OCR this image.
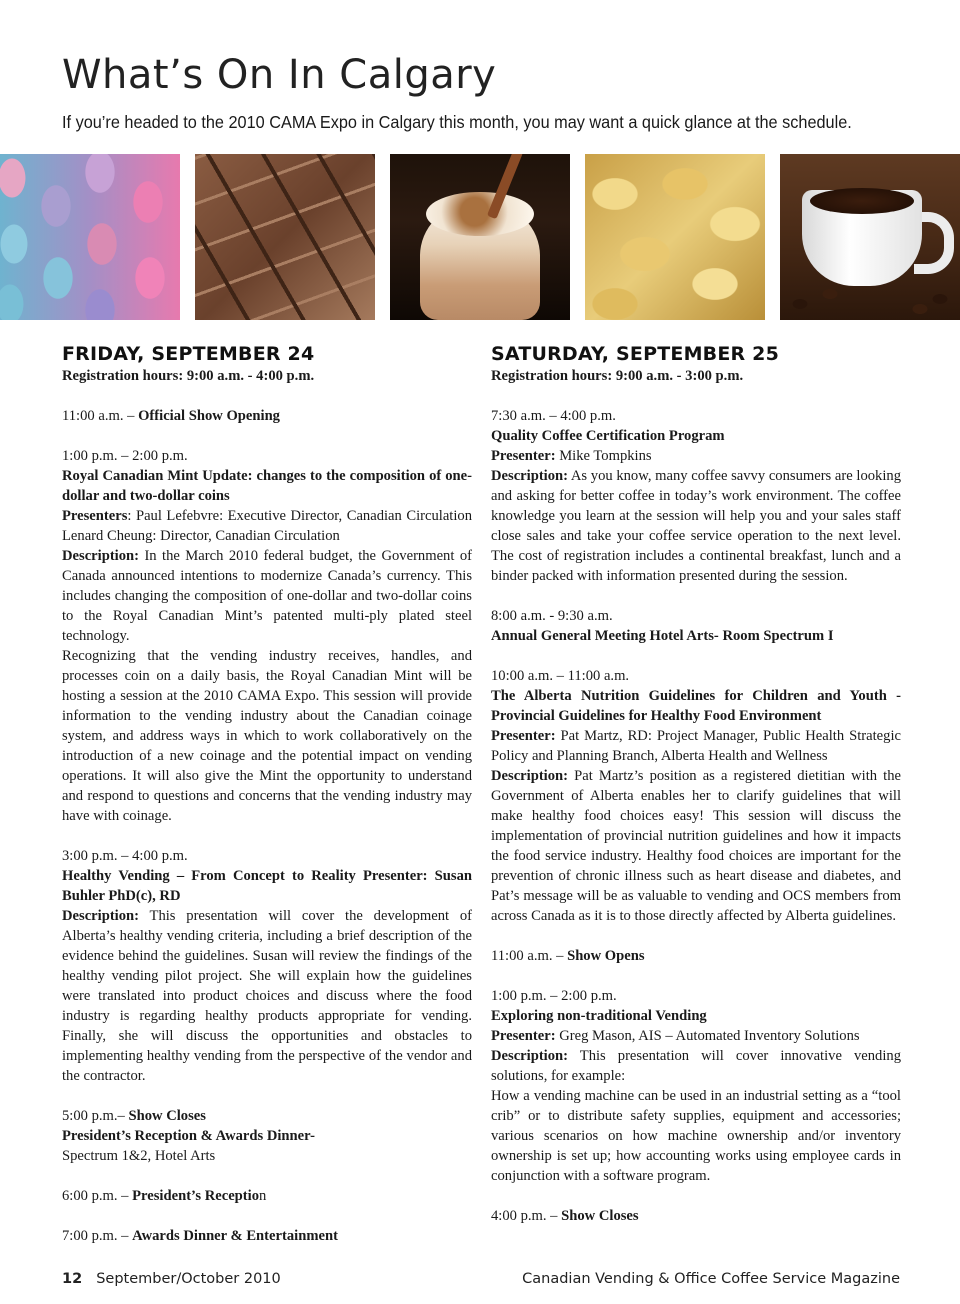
What’s On In Calgary

If you’re headed to the 2010 CAMA Expo in Calgary this month, you may want a quick glance at the schedule.

FRIDAY, SEPTEMBER 24

Registration hours: 9:00 a.m. - 4:00 p.m.

11:00 a.m. – Official Show Opening

1:00 p.m. – 2:00 p.m.

Royal Canadian Mint Update: changes to the composition of one-dollar and two-dollar coins

Presenters: Paul Lefebvre: Executive Director, Canadian Circulation Lenard Cheung: Director, Canadian Circulation

Description: In the March 2010 federal budget, the Government of Canada announced intentions to modernize Canada’s currency. This includes changing the composition of one-dollar and two-dollar coins to the Royal Canadian Mint’s patented multi-ply plated steel technology.

Recognizing that the vending industry receives, handles, and processes coin on a daily basis, the Royal Canadian Mint will be hosting a session at the 2010 CAMA Expo. This session will provide information to the vending industry about the Canadian coinage system, and address ways in which to work collaboratively on the introduction of a new coinage and the potential impact on vending operations. It will also give the Mint the opportunity to understand and respond to questions and concerns that the vending industry may have with coinage.

3:00 p.m. – 4:00 p.m.

Healthy Vending – From Concept to Reality Presenter: Susan Buhler PhD(c), RD

Description: This presentation will cover the development of Alberta’s healthy vending criteria, including a brief description of the evidence behind the guidelines. Susan will review the findings of the healthy vending pilot project. She will explain how the guidelines were translated into product choices and discuss where the food industry is regarding healthy products appropriate for vending. Finally, she will discuss the opportunities and obstacles to implementing healthy vending from the perspective of the vendor and the contractor.

5:00 p.m.– Show Closes

President’s Reception & Awards Dinner-

Spectrum 1&2, Hotel Arts

6:00 p.m. – President’s Reception

7:00 p.m. – Awards Dinner & Entertainment

SATURDAY, SEPTEMBER 25

Registration hours: 9:00 a.m. - 3:00 p.m.

7:30 a.m. – 4:00 p.m.

Quality Coffee Certification Program

Presenter: Mike Tompkins

Description: As you know, many coffee savvy consumers are looking and asking for better coffee in today’s work environment. The coffee knowledge you learn at the session will help you and your sales staff close sales and take your coffee service operation to the next level. The cost of registration includes a continental breakfast, lunch and a binder packed with information presented during the session.

8:00 a.m. - 9:30 a.m.

Annual General Meeting Hotel Arts- Room Spectrum I

10:00 a.m. – 11:00 a.m.

The Alberta Nutrition Guidelines for Children and Youth - Provincial Guidelines for Healthy Food Environment

Presenter: Pat Martz, RD: Project Manager, Public Health Strategic Policy and Planning Branch, Alberta Health and Wellness

Description: Pat Martz’s position as a registered dietitian with the Government of Alberta enables her to clarify guidelines that will make healthy food choices easy! This session will discuss the implementation of provincial nutrition guidelines and how it impacts the food service industry. Healthy food choices are important for the prevention of chronic illness such as heart disease and diabetes, and Pat’s message will be as valuable to vending and OCS members from across Canada as it is to those directly affected by Alberta guidelines.

11:00 a.m. – Show Opens

1:00 p.m. – 2:00 p.m.

Exploring non-traditional Vending

Presenter: Greg Mason, AIS – Automated Inventory Solutions

Description: This presentation will cover innovative vending solutions, for example:

How a vending machine can be used in an industrial setting as a “tool crib” or to distribute safety supplies, equipment and accessories; various scenarios on how machine ownership and/or inventory ownership is set up; how accounting works using employee cards in conjunction with a software program.

4:00 p.m. – Show Closes

12 September/October 2010	Canadian Vending & Office Coffee Service Magazine
